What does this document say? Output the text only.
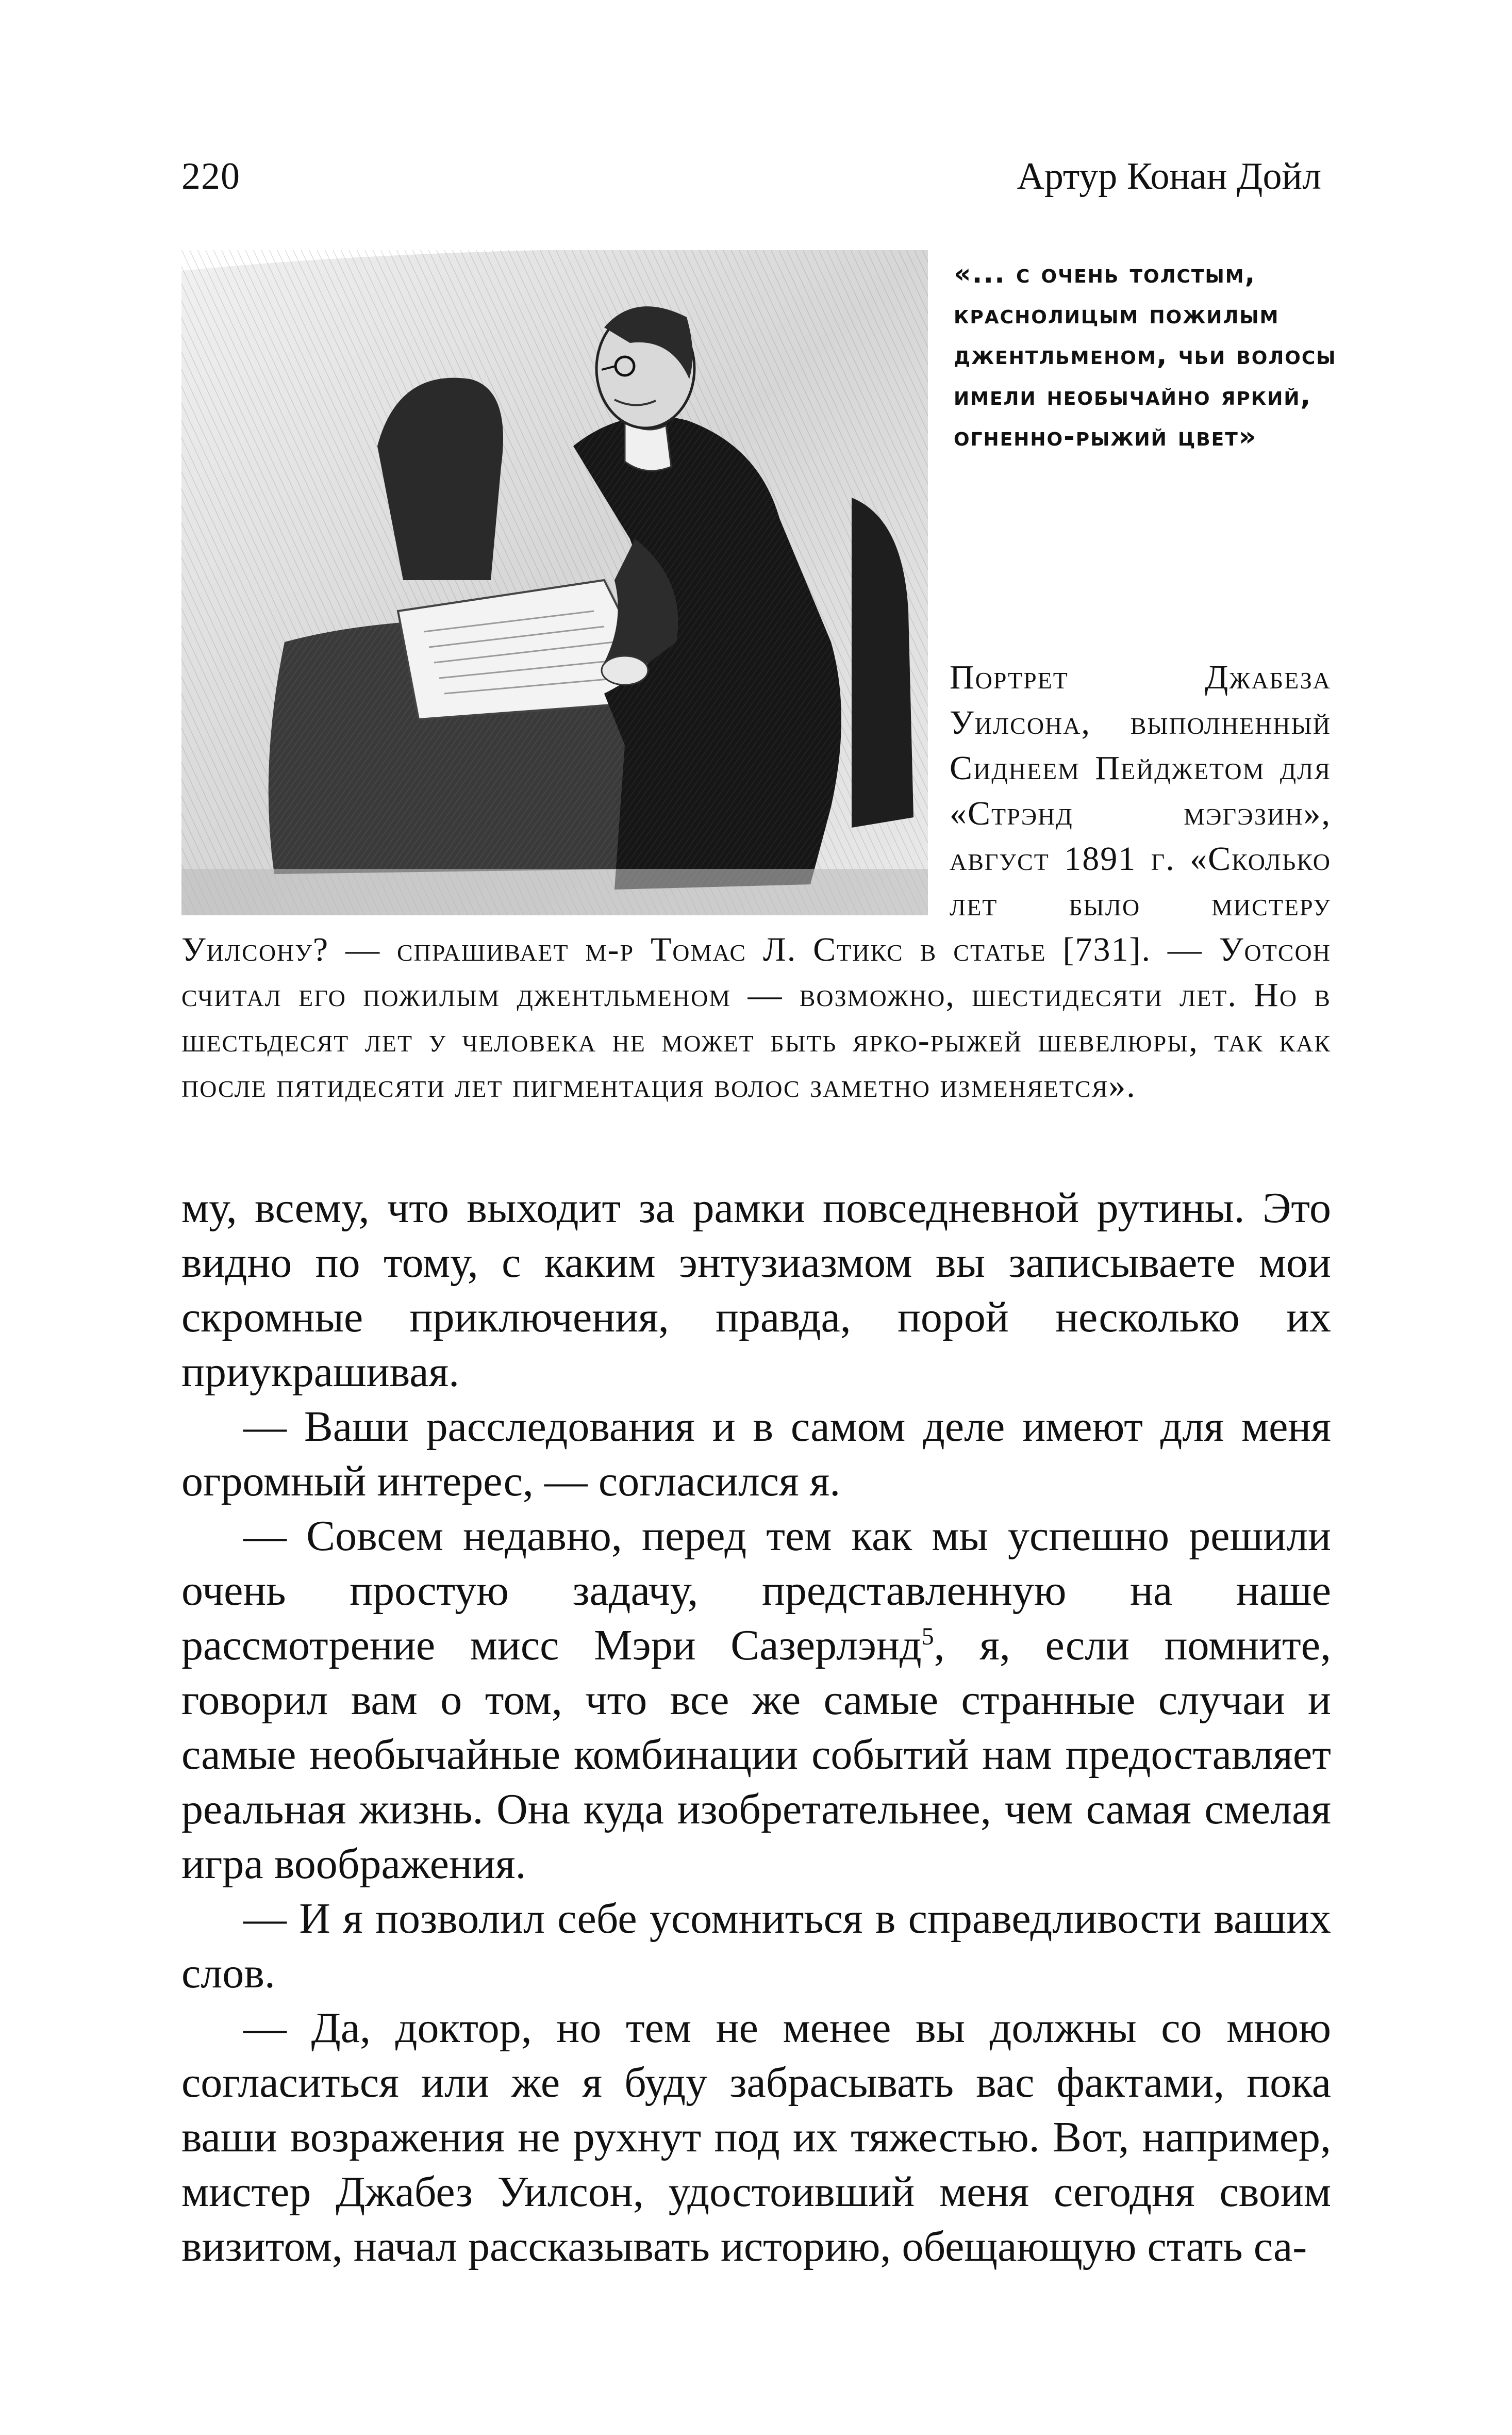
220	Артур Конан Дойл

«... с очень толстым, краснолицым пожилым джентльменом, чьи волосы имели необычайно яркий, огненно-рыжий цвет»

Портрет Джабеза Уилсона, выполненный Сиднеем Пейджетом для «Стрэнд мэгэзин», август 1891 г. «Сколько лет было мистеру Уилсону? — спрашивает м-р Томас Л. Стикс в статье [731]. — Уотсон считал его пожилым джентльменом — возможно, шестидесяти лет. Но в шестьдесят лет у человека не может быть ярко-рыжей шевелюры, так как после пятидесяти лет пигментация волос заметно изменяется».

му, всему, что выходит за рамки повседневной рутины. Это видно по тому, с каким энтузиазмом вы записываете мои скромные приключения, правда, порой несколько их приукрашивая.

— Ваши расследования и в самом деле имеют для меня огромный интерес, — согласился я.

— Совсем недавно, перед тем как мы успешно решили очень простую задачу, представленную на наше рассмотрение мисс Мэри Сазерлэнд$^5$, я, если помните, говорил вам о том, что все же самые странные случаи и самые необычайные комбинации событий нам предоставляет реальная жизнь. Она куда изобретательнее, чем самая смелая игра воображения.

— И я позволил себе усомниться в справедливости ваших слов.

— Да, доктор, но тем не менее вы должны со мною согласиться или же я буду забрасывать вас фактами, пока ваши возражения не рухнут под их тяжестью. Вот, например, мистер Джабез Уилсон, удостоивший меня сегодня своим визитом, начал рассказывать историю, обещающую стать са-
